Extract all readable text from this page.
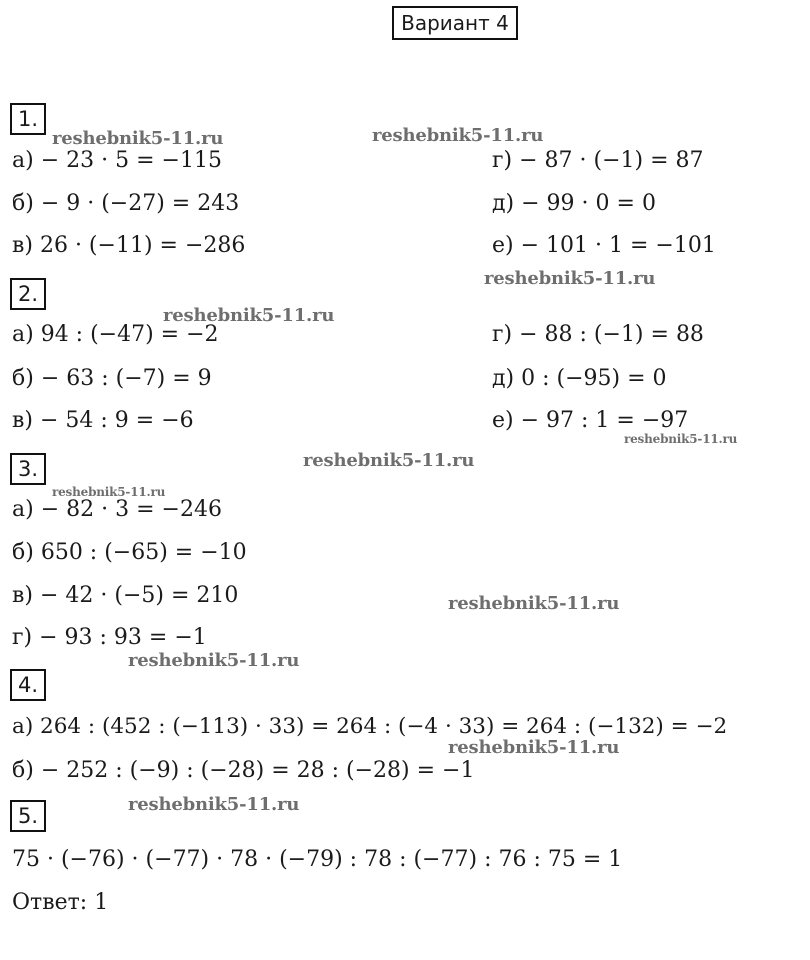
Вариант 4
1.
а) − 23 · 5 = −115
б) − 9 · (−27) = 243
в) 26 · (−11) = −286
г) − 87 · (−1) = 87
д) − 99 · 0 = 0
е) − 101 · 1 = −101
2.
а) 94 : (−47) = −2
б) − 63 : (−7) = 9
в) − 54 : 9 = −6
г) − 88 : (−1) = 88
д) 0 : (−95) = 0
е) − 97 : 1 = −97
3.
а) − 82 · 3 = −246
б) 650 : (−65) = −10
в) − 42 · (−5) = 210
г) − 93 : 93 = −1
4.
а) 264 : (452 : (−113) · 33) = 264 : (−4 · 33) = 264 : (−132) = −2
б) − 252 : (−9) : (−28) = 28 : (−28) = −1
5.
75 · (−76) · (−77) · 78 · (−79) : 78 : (−77) : 76 : 75 = 1
Ответ: 1
reshebnik5-11.ru	reshebnik5-11.ru
reshebnik5-11.ru
reshebnik5-11.ru
reshebnik5-11.ru
reshebnik5-11.ru
reshebnik5-11.ru
reshebnik5-11.ru
reshebnik5-11.ru
reshebnik5-11.ru
reshebnik5-11.ru
